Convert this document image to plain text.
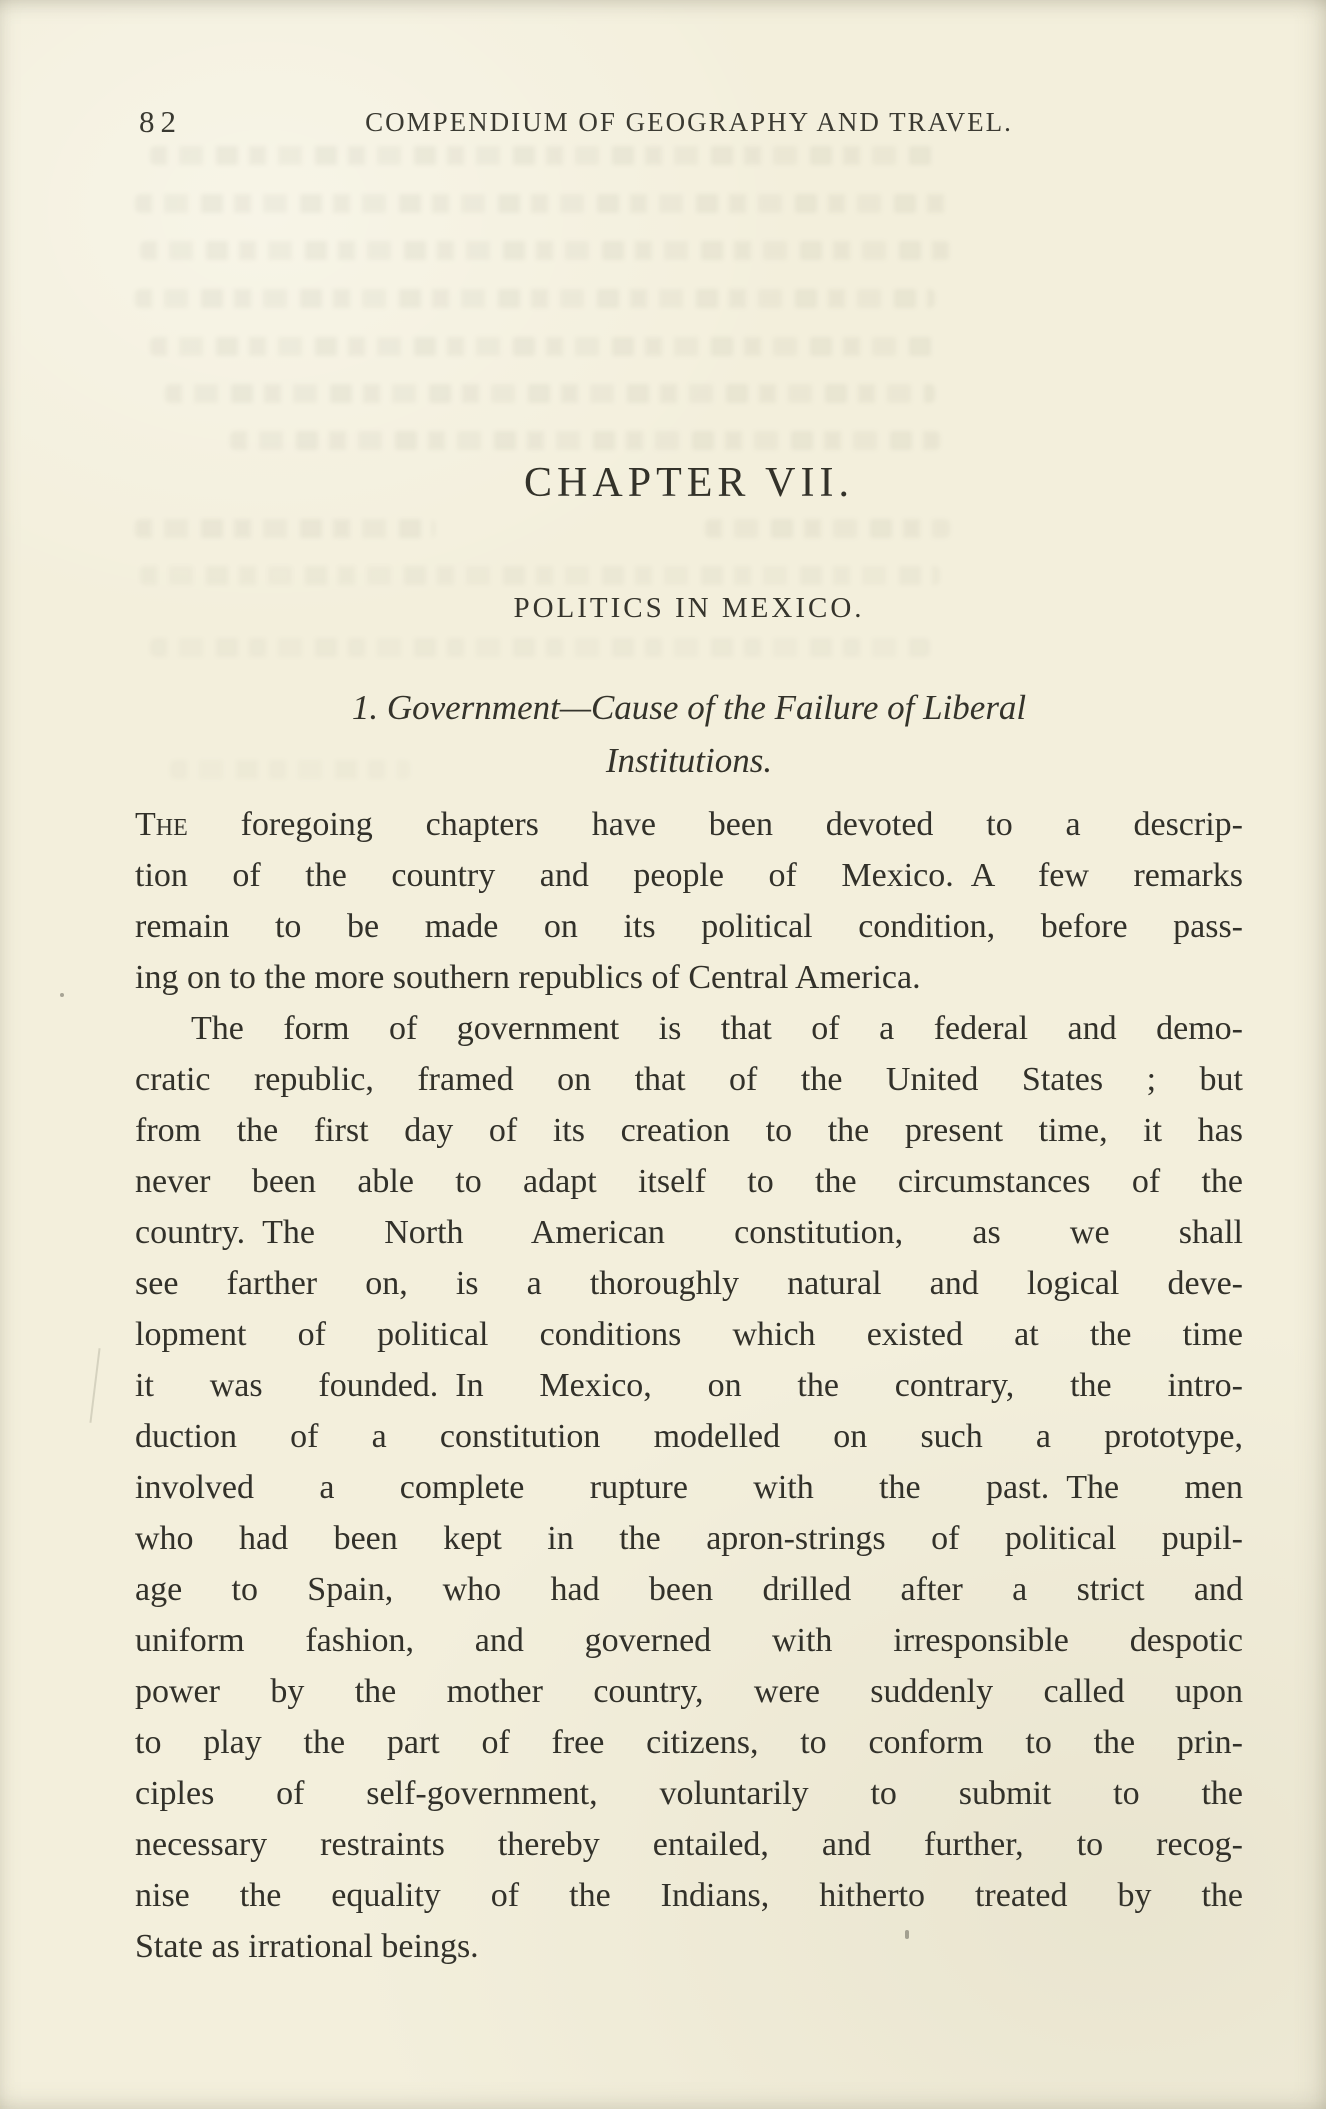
82	COMPENDIUM OF GEOGRAPHY AND TRAVEL.
CHAPTER VII.
POLITICS IN MEXICO.
1. Government—Cause of the Failure of Liberal
Institutions.
The foregoing chapters have been devoted to a descrip-
tion of the country and people of Mexico. A few remarks
remain to be made on its political condition, before pass-
ing on to the more southern republics of Central America.
The form of government is that of a federal and demo-
cratic republic, framed on that of the United States ; but
from the first day of its creation to the present time, it has
never been able to adapt itself to the circumstances of the
country. The North American constitution, as we shall
see farther on, is a thoroughly natural and logical deve-
lopment of political conditions which existed at the time
it was founded. In Mexico, on the contrary, the intro-
duction of a constitution modelled on such a prototype,
involved a complete rupture with the past. The men
who had been kept in the apron-strings of political pupil-
age to Spain, who had been drilled after a strict and
uniform fashion, and governed with irresponsible despotic
power by the mother country, were suddenly called upon
to play the part of free citizens, to conform to the prin-
ciples of self-government, voluntarily to submit to the
necessary restraints thereby entailed, and further, to recog-
nise the equality of the Indians, hitherto treated by the
State as irrational beings.
